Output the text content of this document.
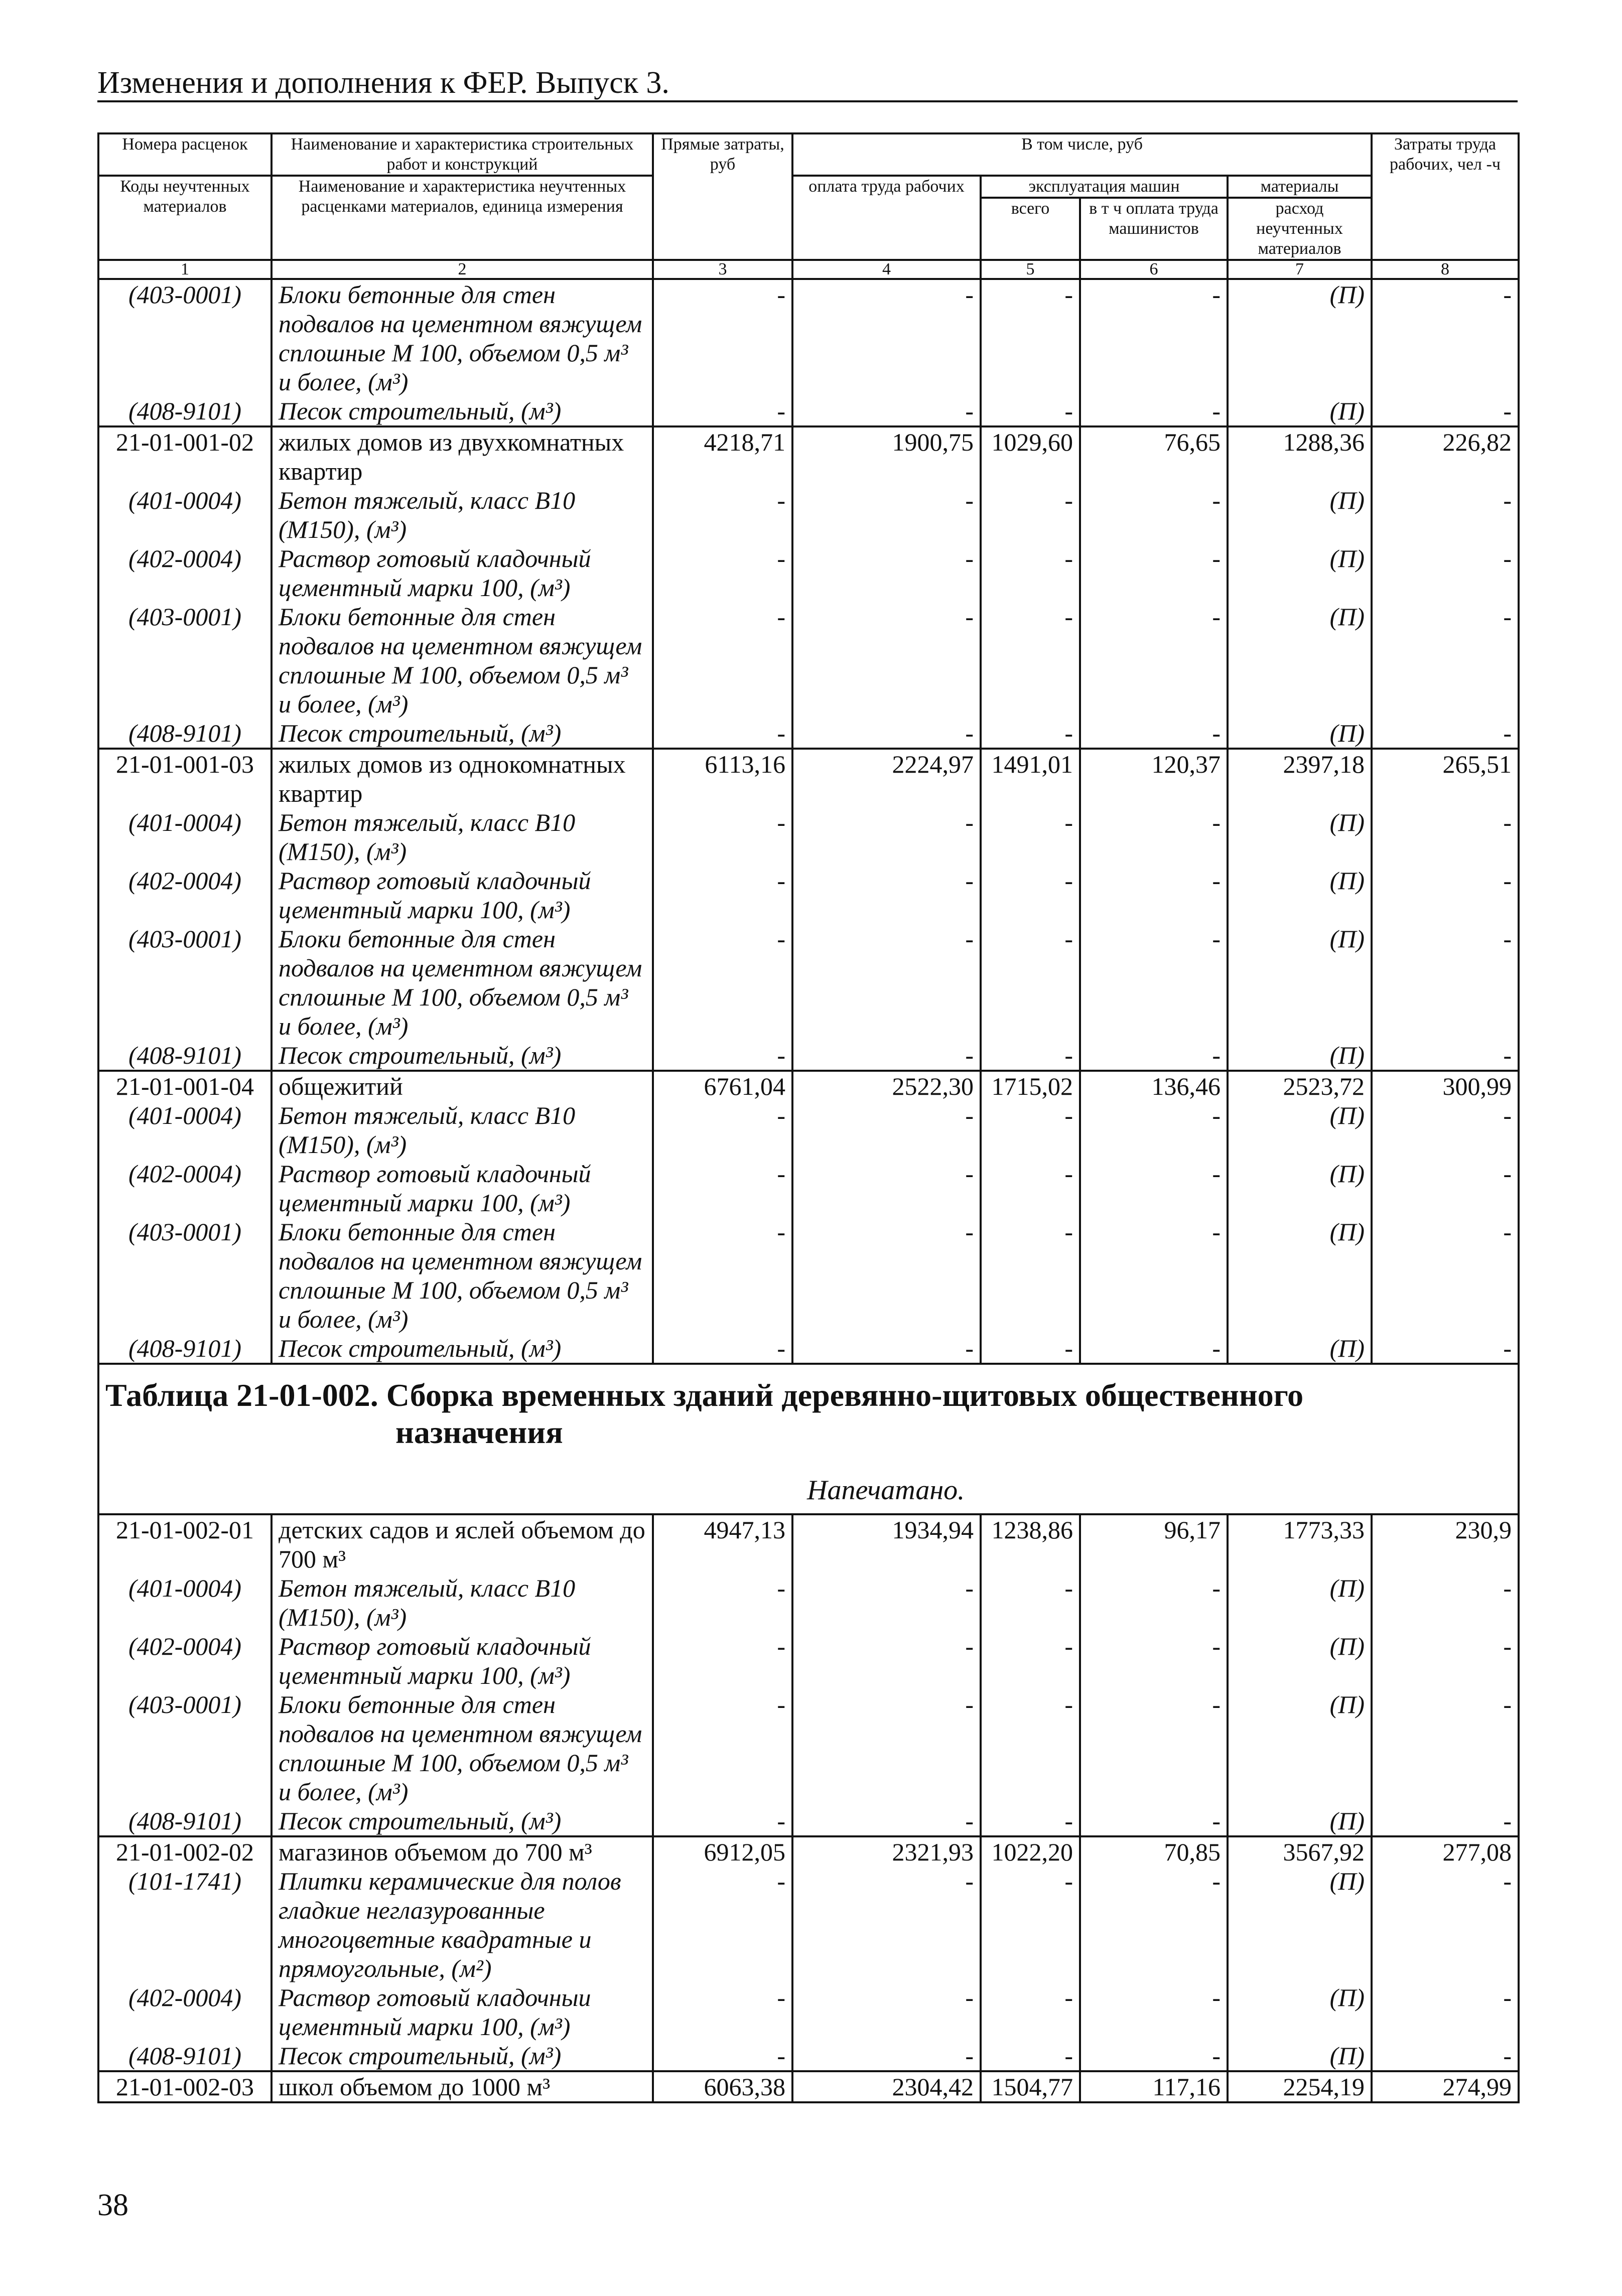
Изменения и дополнения к ФЕР. Выпуск 3.
Номера расценок	Наименование и характеристика строительных работ и конструкций	Прямые затраты, руб	В том числе, руб				Затраты труда рабочих, чел -ч
Коды неучтенных материалов	Наименование и характеристика неучтенных расценками материалов, единица измерения		оплата труда рабочих	эксплуатация машин		материалы	
				всего	в т ч оплата труда машинистов	расход неучтенных материалов	
1	2	3	4	5	6	7	8
(403-0001)	Блоки бетонные для стен подвалов на цементном вяжущем сплошные М 100, объемом 0,5 м³ и более, (м³)	-	-	-	-	(П)	-
(408-9101)	Песок строительный, (м³)	-	-	-	-	(П)	-
21-01-001-02	жилых домов из двухкомнатных квартир	4218,71	1900,75	1029,60	76,65	1288,36	226,82
(401-0004)	Бетон тяжелый, класс В10 (М150), (м³)	-	-	-	-	(П)	-
(402-0004)	Раствор готовый кладочный цементный марки 100, (м³)	-	-	-	-	(П)	-
(403-0001)	Блоки бетонные для стен подвалов на цементном вяжущем сплошные М 100, объемом 0,5 м³ и более, (м³)	-	-	-	-	(П)	-
(408-9101)	Песок строительный, (м³)	-	-	-	-	(П)	-
21-01-001-03	жилых домов из однокомнатных квартир	6113,16	2224,97	1491,01	120,37	2397,18	265,51
(401-0004)	Бетон тяжелый, класс В10 (М150), (м³)	-	-	-	-	(П)	-
(402-0004)	Раствор готовый кладочный цементный марки 100, (м³)	-	-	-	-	(П)	-
(403-0001)	Блоки бетонные для стен подвалов на цементном вяжущем сплошные М 100, объемом 0,5 м³ и более, (м³)	-	-	-	-	(П)	-
(408-9101)	Песок строительный, (м³)	-	-	-	-	(П)	-
21-01-001-04	общежитий	6761,04	2522,30	1715,02	136,46	2523,72	300,99
(401-0004)	Бетон тяжелый, класс В10 (М150), (м³)	-	-	-	-	(П)	-
(402-0004)	Раствор готовый кладочный цементный марки 100, (м³)	-	-	-	-	(П)	-
(403-0001)	Блоки бетонные для стен подвалов на цементном вяжущем сплошные М 100, объемом 0,5 м³ и более, (м³)	-	-	-	-	(П)	-
(408-9101)	Песок строительный, (м³)	-	-	-	-	(П)	-

Таблица 21-01-002. Сборка временных зданий деревянно-щитовых общественного
назначения
Напечатано.							

21-01-002-01	детских садов и яслей объемом до 700 м³	4947,13	1934,94	1238,86	96,17	1773,33	230,9
(401-0004)	Бетон тяжелый, класс В10 (М150), (м³)	-	-	-	-	(П)	-
(402-0004)	Раствор готовый кладочный цементный марки 100, (м³)	-	-	-	-	(П)	-
(403-0001)	Блоки бетонные для стен подвалов на цементном вяжущем сплошные М 100, объемом 0,5 м³ и более, (м³)	-	-	-	-	(П)	-
(408-9101)	Песок строительный, (м³)	-	-	-	-	(П)	-
21-01-002-02	магазинов объемом до 700 м³	6912,05	2321,93	1022,20	70,85	3567,92	277,08
(101-1741)	Плитки керамические для полов гладкие неглазурованные многоцветные квадратные и прямоугольные, (м²)	-	-	-	-	(П)	-
(402-0004)	Раствор готовый кладочныи цементный марки 100, (м³)	-	-	-	-	(П)	-
(408-9101)	Песок строительный, (м³)	-	-	-	-	(П)	-
21-01-002-03	школ объемом до 1000 м³	6063,38	2304,42	1504,77	117,16	2254,19	274,99
38
